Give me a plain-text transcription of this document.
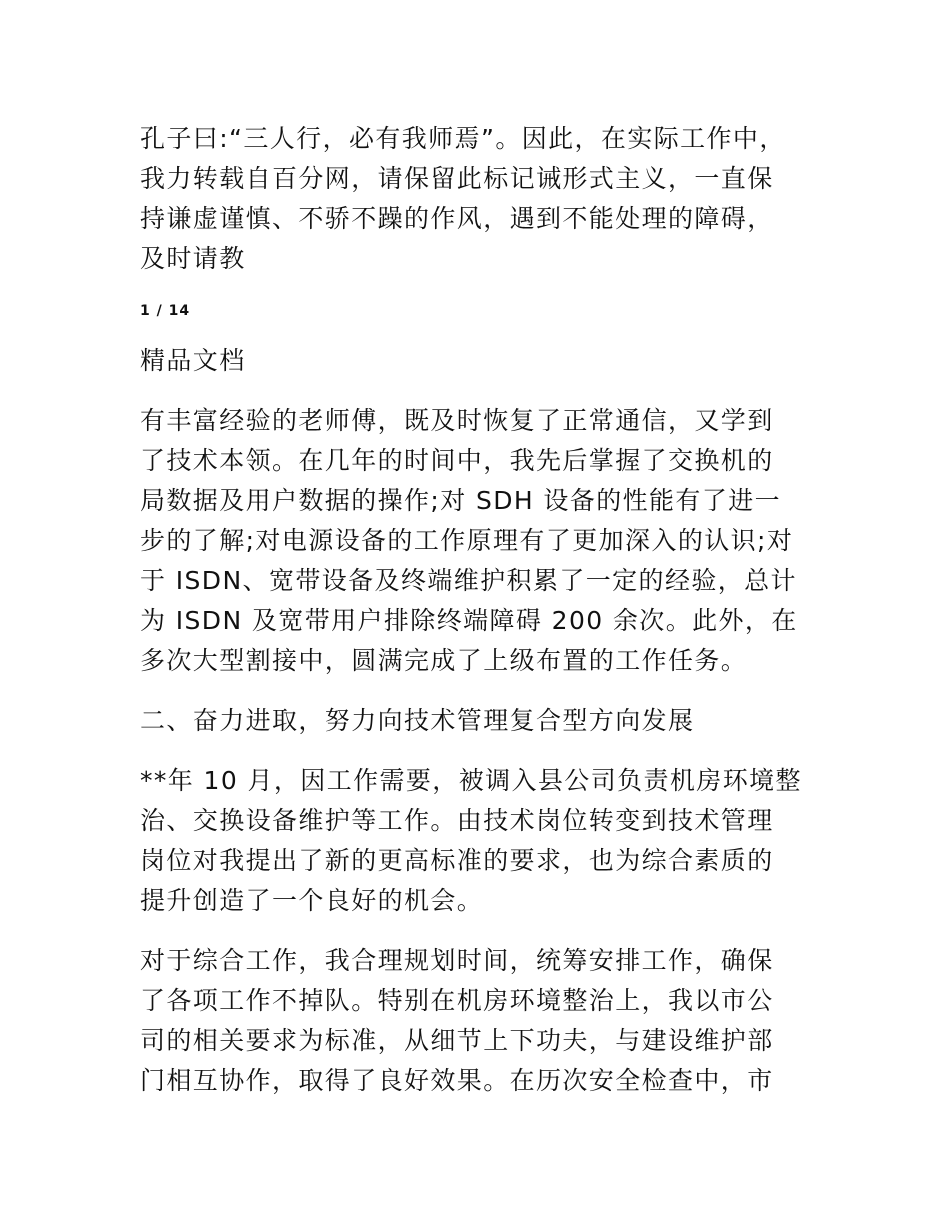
孔子曰:“三人行，必有我师焉”。因此，在实际工作中，
我力转载自百分网，请保留此标记诫形式主义，一直保
持谦虚谨慎、不骄不躁的作风，遇到不能处理的障碍，
及时请教

1 / 14
精品文档

有丰富经验的老师傅，既及时恢复了正常通信，又学到
了技术本领。在几年的时间中，我先后掌握了交换机的
局数据及用户数据的操作;对 SDH 设备的性能有了进一
步的了解;对电源设备的工作原理有了更加深入的认识;对
于 ISDN、宽带设备及终端维护积累了一定的经验，总计
为 ISDN 及宽带用户排除终端障碍 200 余次。此外，在
多次大型割接中，圆满完成了上级布置的工作任务。

二、奋力进取，努力向技术管理复合型方向发展

**年 10 月，因工作需要，被调入县公司负责机房环境整
治、交换设备维护等工作。由技术岗位转变到技术管理
岗位对我提出了新的更高标准的要求，也为综合素质的
提升创造了一个良好的机会。

对于综合工作，我合理规划时间，统筹安排工作，确保
了各项工作不掉队。特别在机房环境整治上，我以市公
司的相关要求为标准，从细节上下功夫，与建设维护部
门相互协作，取得了良好效果。在历次安全检查中，市
